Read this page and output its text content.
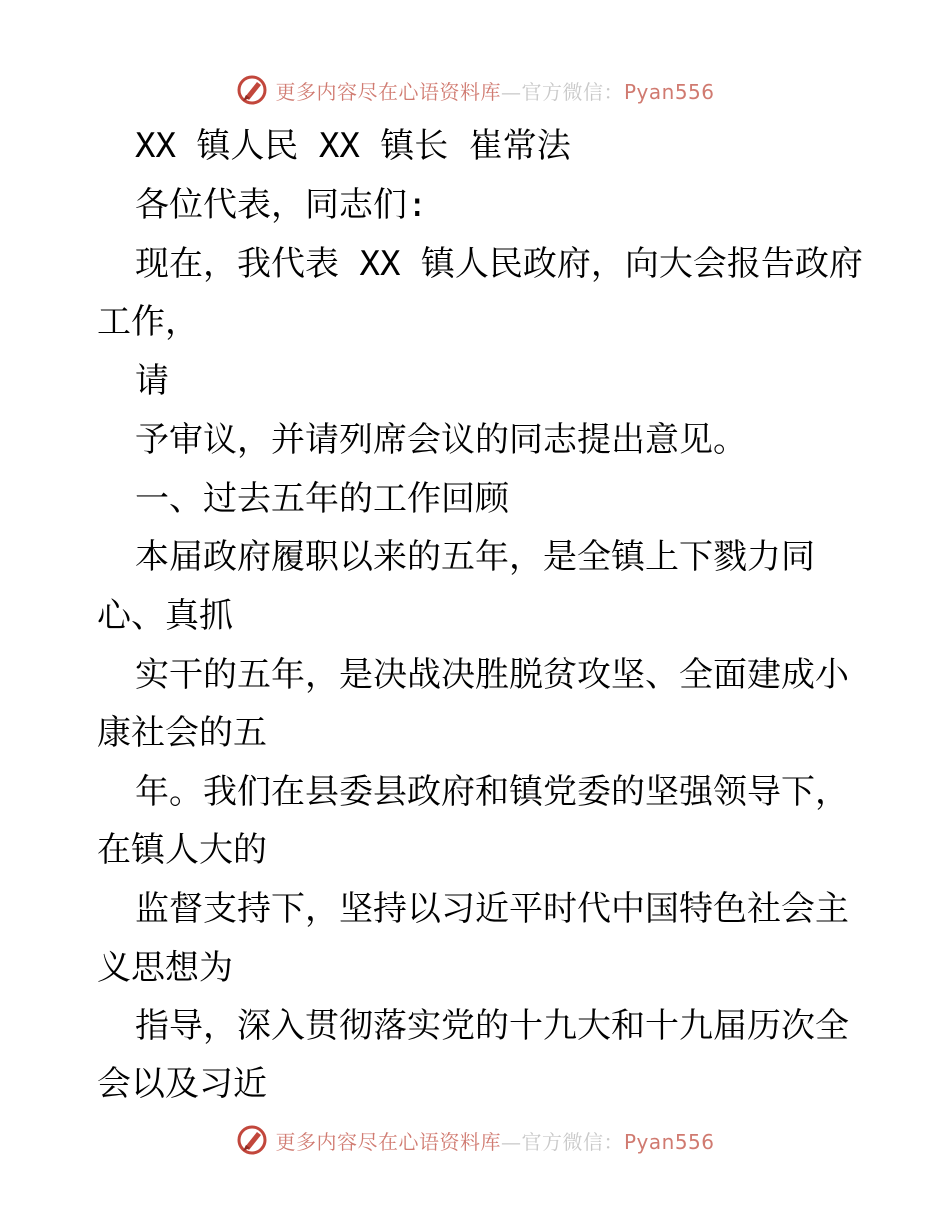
更多内容尽在心语资料库—官方微信：Pyan556
XX 镇人民 XX 镇长 崔常法
各位代表，同志们:
现在，我代表 XX 镇人民政府，向大会报告政府
工作，
请
予审议，并请列席会议的同志提出意见。
一、过去五年的工作回顾
本届政府履职以来的五年，是全镇上下戮力同
心、真抓
实干的五年，是决战决胜脱贫攻坚、全面建成小
康社会的五
年。我们在县委县政府和镇党委的坚强领导下，
在镇人大的
监督支持下，坚持以习近平时代中国特色社会主
义思想为
指导，深入贯彻落实党的十九大和十九届历次全
会以及习近
更多内容尽在心语资料库—官方微信：Pyan556
